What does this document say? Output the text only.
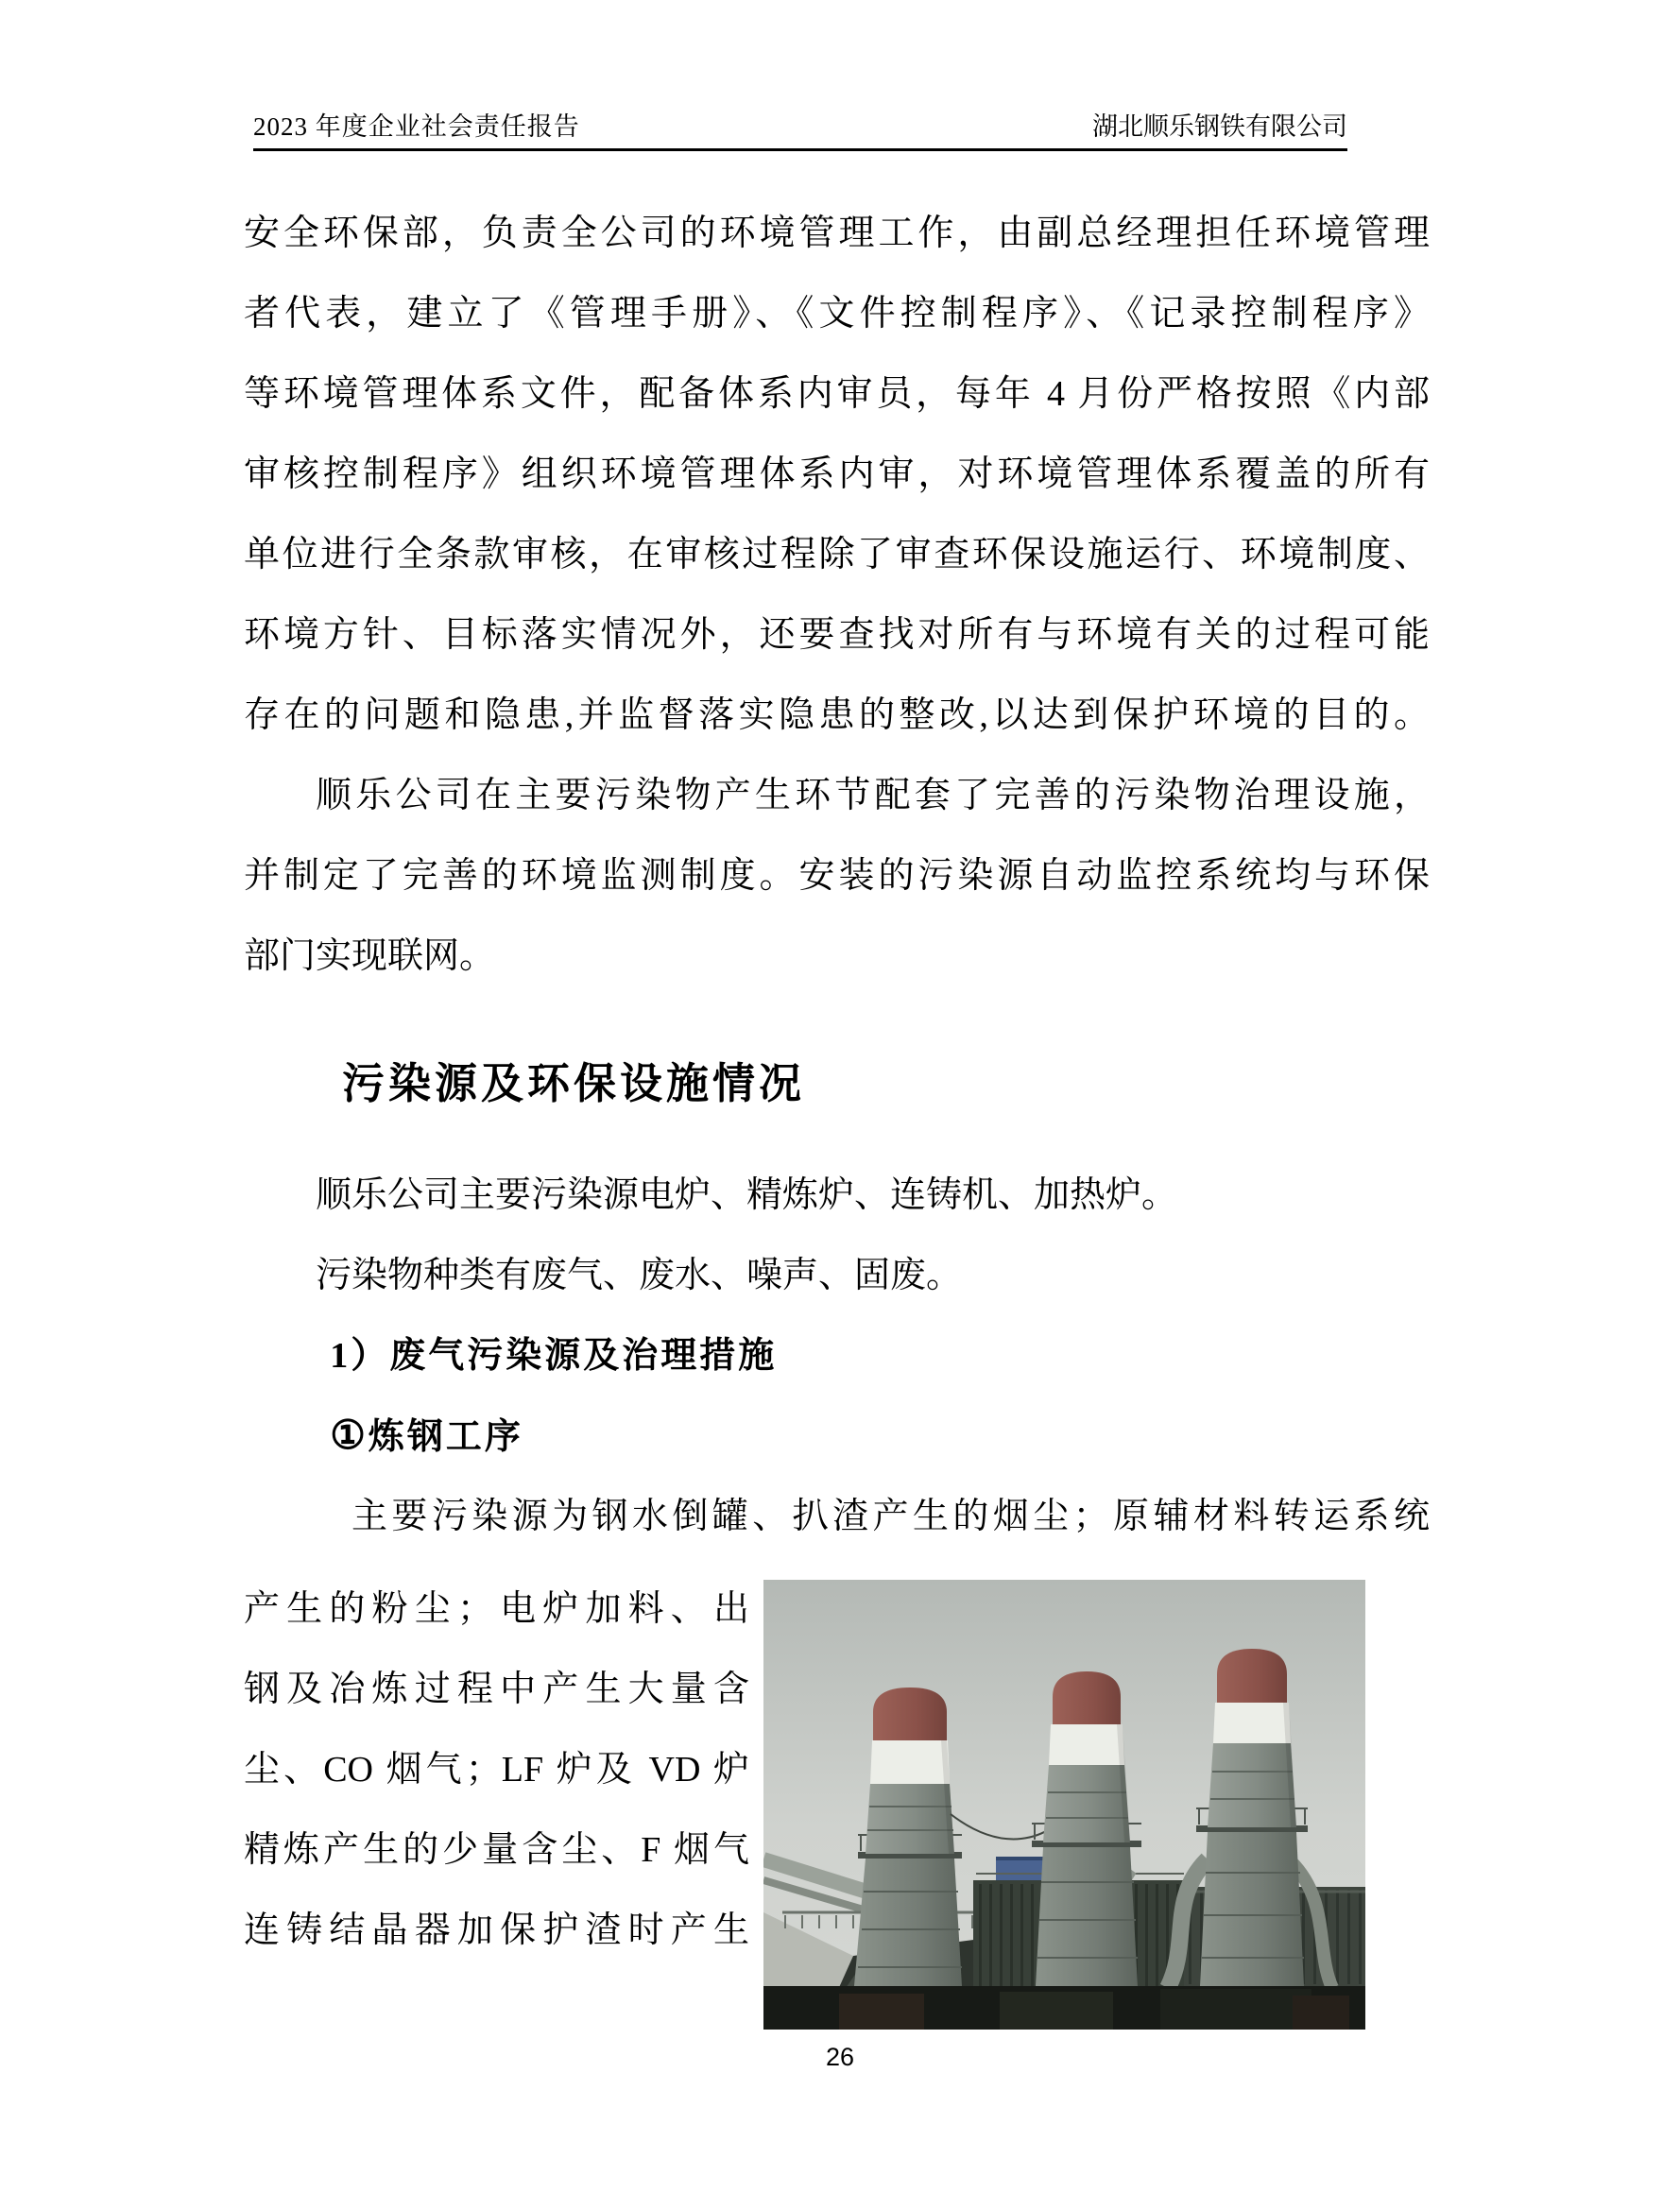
2023 年度企业社会责任报告	湖北顺乐钢铁有限公司
安全环保部，负责全公司的环境管理工作，由副总经理担任环境管理
者代表，建立了《管理手册》、《文件控制程序》、《记录控制程序》
等环境管理体系文件，配备体系内审员，每年 4 月份严格按照《内部
审核控制程序》组织环境管理体系内审，对环境管理体系覆盖的所有
单位进行全条款审核，在审核过程除了审查环保设施运行、环境制度、
环境方针、目标落实情况外，还要查找对所有与环境有关的过程可能
存在的问题和隐患,并监督落实隐患的整改,以达到保护环境的目的。
顺乐公司在主要污染物产生环节配套了完善的污染物治理设施，
并制定了完善的环境监测制度。安装的污染源自动监控系统均与环保
部门实现联网。
污染源及环保设施情况
顺乐公司主要污染源电炉、精炼炉、连铸机、加热炉。
污染物种类有废气、废水、噪声、固废。
1）废气污染源及治理措施
①炼钢工序
主要污染源为钢水倒罐、扒渣产生的烟尘；原辅材料转运系统
产生的粉尘；电炉加料、出
钢及冶炼过程中产生大量含
尘、CO 烟气；LF 炉及 VD 炉
精炼产生的少量含尘、F 烟气
连铸结晶器加保护渣时产生
26
